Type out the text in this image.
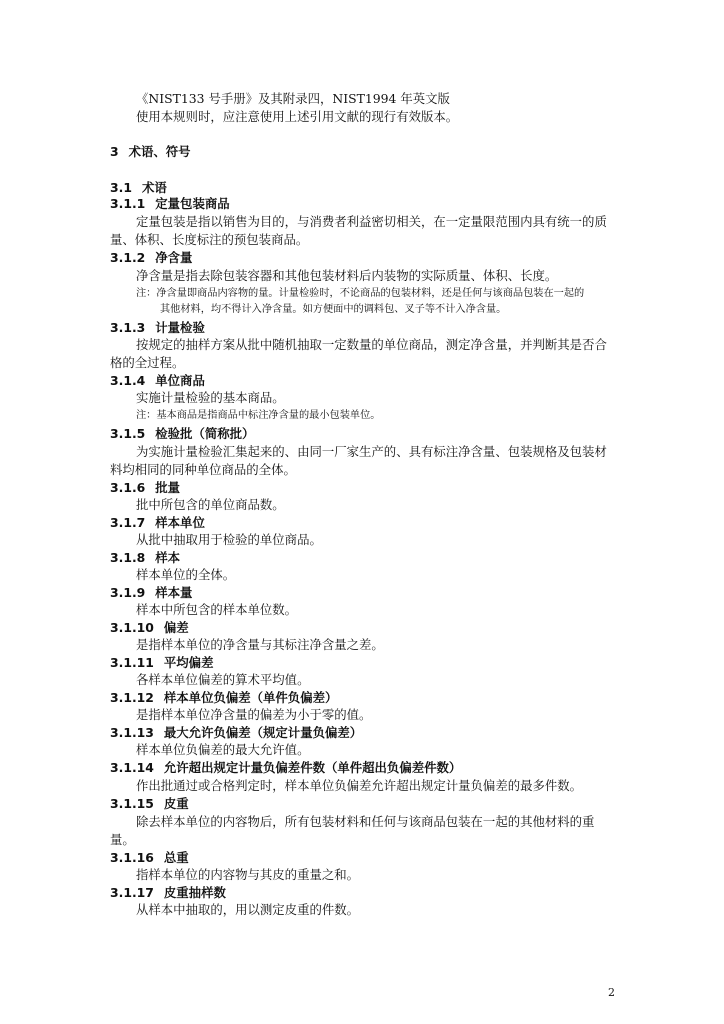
《NIST133 号手册》及其附录四，NIST1994 年英文版
使用本规则时，应注意使用上述引用文献的现行有效版本。
3 术语、符号
3.1 术语
3.1.1 定量包装商品
定量包装是指以销售为目的，与消费者利益密切相关，在一定量限范围内具有统一的质
量、体积、长度标注的预包装商品。
3.1.2 净含量
净含量是指去除包装容器和其他包装材料后内装物的实际质量、体积、长度。
注：净含量即商品内容物的量。计量检验时，不论商品的包装材料，还是任何与该商品包装在一起的
其他材料，均不得计入净含量。如方便面中的调料包、叉子等不计入净含量。
3.1.3 计量检验
按规定的抽样方案从批中随机抽取一定数量的单位商品，测定净含量，并判断其是否合
格的全过程。
3.1.4 单位商品
实施计量检验的基本商品。
注：基本商品是指商品中标注净含量的最小包装单位。
3.1.5 检验批（简称批）
为实施计量检验汇集起来的、由同一厂家生产的、具有标注净含量、包装规格及包装材
料均相同的同种单位商品的全体。
3.1.6 批量
批中所包含的单位商品数。
3.1.7 样本单位
从批中抽取用于检验的单位商品。
3.1.8 样本
样本单位的全体。
3.1.9 样本量
样本中所包含的样本单位数。
3.1.10 偏差
是指样本单位的净含量与其标注净含量之差。
3.1.11 平均偏差
各样本单位偏差的算术平均值。
3.1.12 样本单位负偏差（单件负偏差）
是指样本单位净含量的偏差为小于零的值。
3.1.13 最大允许负偏差（规定计量负偏差）
样本单位负偏差的最大允许值。
3.1.14 允许超出规定计量负偏差件数（单件超出负偏差件数）
作出批通过或合格判定时，样本单位负偏差允许超出规定计量负偏差的最多件数。
3.1.15 皮重
除去样本单位的内容物后，所有包装材料和任何与该商品包装在一起的其他材料的重
量。
3.1.16 总重
指样本单位的内容物与其皮的重量之和。
3.1.17 皮重抽样数
从样本中抽取的，用以测定皮重的件数。
2
